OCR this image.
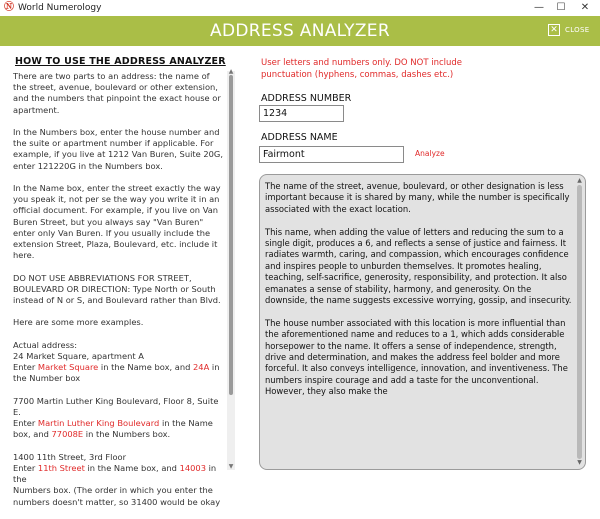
Ⓝ World Numerology	—	☐	✕
ADDRESS ANALYZER	✕	CLOSE
HOW TO USE THE ADDRESS ANALYZER

There are two parts to an address: the name of the street, avenue, boulevard or other extension, and the numbers that pinpoint the exact house or apartment.

In the Numbers box, enter the house number and the suite or apartment number if applicable. For example, if you live at 1212 Van Buren, Suite 20G, enter 121220G in the Numbers box.

In the Name box, enter the street exactly the way you speak it, not per se the way you write it in an official document. For example, if you live on Van Buren Street, but you always say "Van Buren" enter only Van Buren. If you usually include the extension Street, Plaza, Boulevard, etc. include it here.

DO NOT USE ABBREVIATIONS FOR STREET, BOULEVARD OR DIRECTION: Type North or South instead of N or S, and Boulevard rather than Blvd.

Here are some more examples.

Actual address:
24 Market Square, apartment A
Enter Market Square in the Name box, and 24A in
the Number box

7700 Martin Luther King Boulevard, Floor 8, Suite E.
Enter Martin Luther King Boulevard in the Name box, and 77008E in the Numbers box.

1400 11th Street, 3rd Floor
Enter 11th Street in the Name box, and 14003 in the
Numbers box. (The order in which you enter the numbers doesn't matter, so 31400 would be okay

▲
▼
User letters and numbers only. DO NOT include punctuation (hyphens, commas, dashes etc.)
ADDRESS NUMBER
1234
ADDRESS NAME
Fairmont
Analyze

The name of the street, avenue, boulevard, or other designation is less important because it is shared by many, while the number is specifically associated with the exact location.

This name, when adding the value of letters and reducing the sum to a single digit, produces a 6, and reflects a sense of justice and fairness. It radiates warmth, caring, and compassion, which encourages confidence and inspires people to unburden themselves. It promotes healing, teaching, self-sacrifice, generosity, responsibility, and protection. It also emanates a sense of stability, harmony, and generosity. On the downside, the name suggests excessive worrying, gossip, and insecurity.

The house number associated with this location is more influential than the aforementioned name and reduces to a 1, which adds considerable horsepower to the name. It offers a sense of independence, strength, drive and determination, and makes the address feel bolder and more forceful. It also conveys intelligence, innovation, and inventiveness. The numbers inspire courage and add a taste for the unconventional. However, they also make the

▲
▼
